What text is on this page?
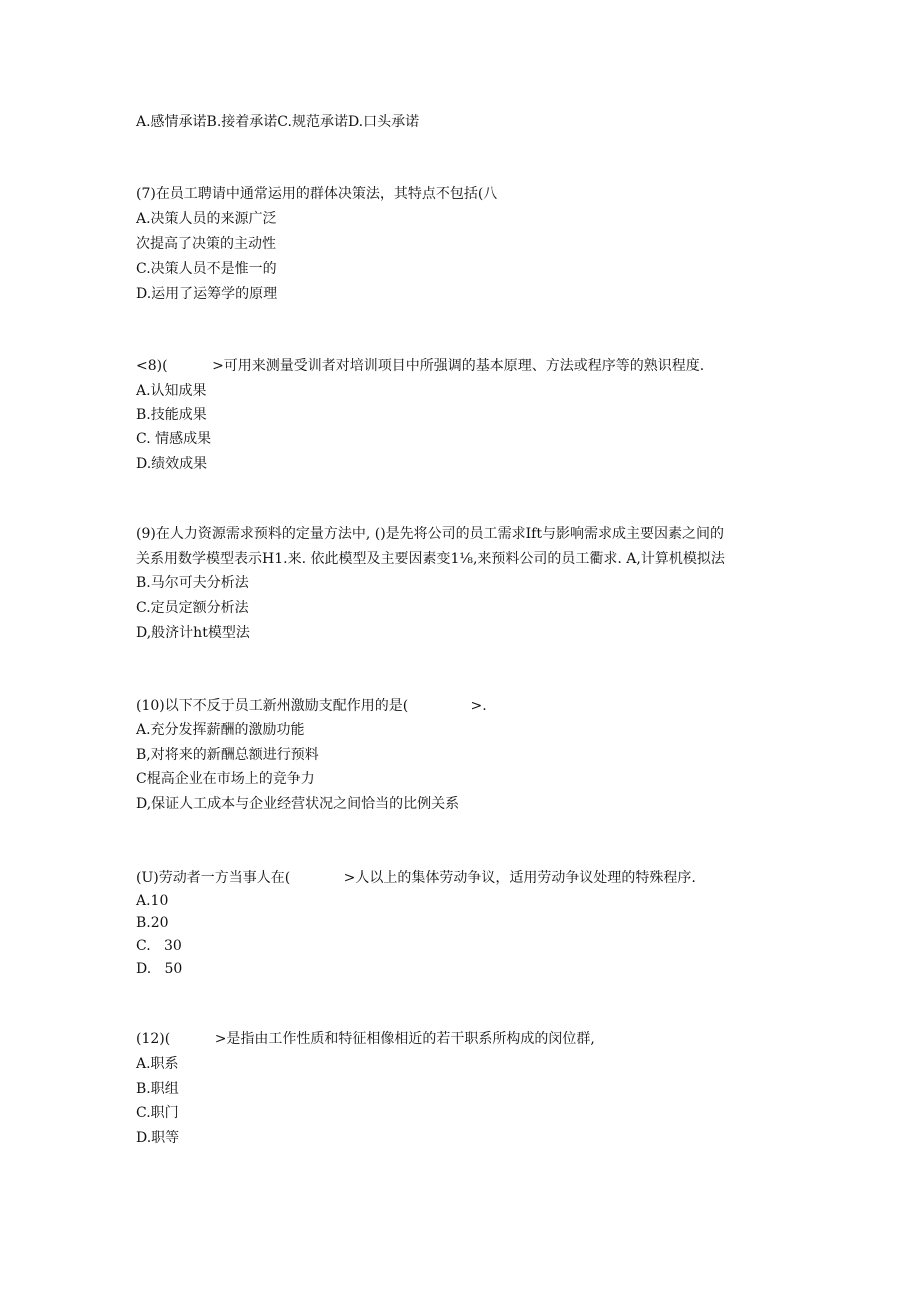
A.感情承诺B.接着承诺C.规范承诺D.口头承诺
(7)在员工聘请中通常运用的群体决策法，其特点不包括(八
A.决策人员的来源广泛
次提高了决策的主动性
C.决策人员不是惟一的
D.运用了运筹学的原理
<8)(          >可用来测量受训者对培训项目中所强调的基本原理、方法或程序等的熟识程度.
A.认知成果
B.技能成果
C. 情感成果
D.绩效成果
(9)在人力资源需求预料的定量方法中, ()是先将公司的员工需求Ift与影响需求成主要因素之间的
关系用数学模型表示H1.来. 依此模型及主要因素变1⅛,来预料公司的员工衢求. A,计算机模拟法
B.马尔可夫分析法
C.定员定额分析法
D,般济计ht模型法
(10)以下不反于员工新州激励支配作用的是(              >.
A.充分发挥薪酬的激励功能
B,对将来的新酬总额进行预料
C棍高企业在市场上的竞争力
D,保证人工成本与企业经营状况之间恰当的比例关系
(U)劳动者一方当事人在(            >人以上的集体劳动争议，适用劳动争议处理的特殊程序.
A.10
B.20
C.   30
D.   50
(12)(          >是指由工作性质和特征相像相近的若干职系所构成的闵位群,
A.职系
B.职组
C.职门
D.职等
